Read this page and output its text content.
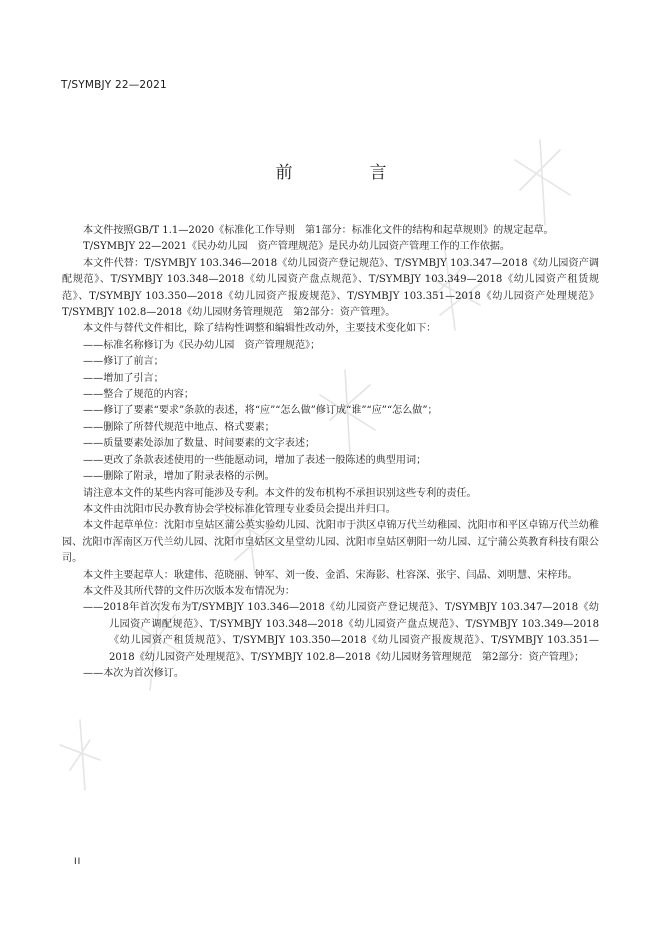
T/SYMBJY 22—2021
前　言

本文件按照GB/T 1.1—2020《标准化工作导则　第1部分：标准化文件的结构和起草规则》的规定起草。

T/SYMBJY 22—2021《民办幼儿园　资产管理规范》是民办幼儿园资产管理工作的工作依据。

本文件代替：T/SYMBJY 103.346—2018《幼儿园资产登记规范》、T/SYMBJY 103.347—2018《幼儿园资产调配规范》、T/SYMBJY 103.348—2018《幼儿园资产盘点规范》、T/SYMBJY 103.349—2018《幼儿园资产租赁规范》、T/SYMBJY 103.350—2018《幼儿园资产报废规范》、T/SYMBJY 103.351—2018《幼儿园资产处理规范》T/SYMBJY 102.8—2018《幼儿园财务管理规范　第2部分：资产管理》。

本文件与替代文件相比，除了结构性调整和编辑性改动外，主要技术变化如下：

——标准名称修订为《民办幼儿园　资产管理规范》；

——修订了前言；

——增加了引言；

——整合了规范的内容；

——修订了要素“要求”条款的表述，将“应”“怎么做”修订成“谁”“应”“怎么做”；

——删除了所替代规范中地点、格式要素；

——质量要素处添加了数量、时间要素的文字表述；

——更改了条款表述使用的一些能愿动词，增加了表述一般陈述的典型用词；

——删除了附录，增加了附录表格的示例。

请注意本文件的某些内容可能涉及专利。本文件的发布机构不承担识别这些专利的责任。

本文件由沈阳市民办教育协会学校标准化管理专业委员会提出并归口。

本文件起草单位：沈阳市皇姑区蒲公英实验幼儿园、沈阳市于洪区卓锦万代兰幼稚园、沈阳市和平区卓锦万代兰幼稚园、沈阳市浑南区万代兰幼儿园、沈阳市皇姑区文星堂幼儿园、沈阳市皇姑区朝阳一幼儿园、辽宁蒲公英教育科技有限公司。

本文件主要起草人：耿建伟、范晓丽、钟军、刘一俊、金滔、宋海影、杜容深、张宇、闫晶、刘明慧、宋梓玮。

本文件及其所代替的文件历次版本发布情况为：

——2018年首次发布为T/SYMBJY 103.346—2018《幼儿园资产登记规范》、T/SYMBJY 103.347—2018《幼儿园资产调配规范》、T/SYMBJY 103.348—2018《幼儿园资产盘点规范》、T/SYMBJY 103.349—2018《幼儿园资产租赁规范》、T/SYMBJY 103.350—2018《幼儿园资产报废规范》、T/SYMBJY 103.351—2018《幼儿园资产处理规范》、T/SYMBJY 102.8—2018《幼儿园财务管理规范　第2部分：资产管理》；

——本次为首次修订。

II
